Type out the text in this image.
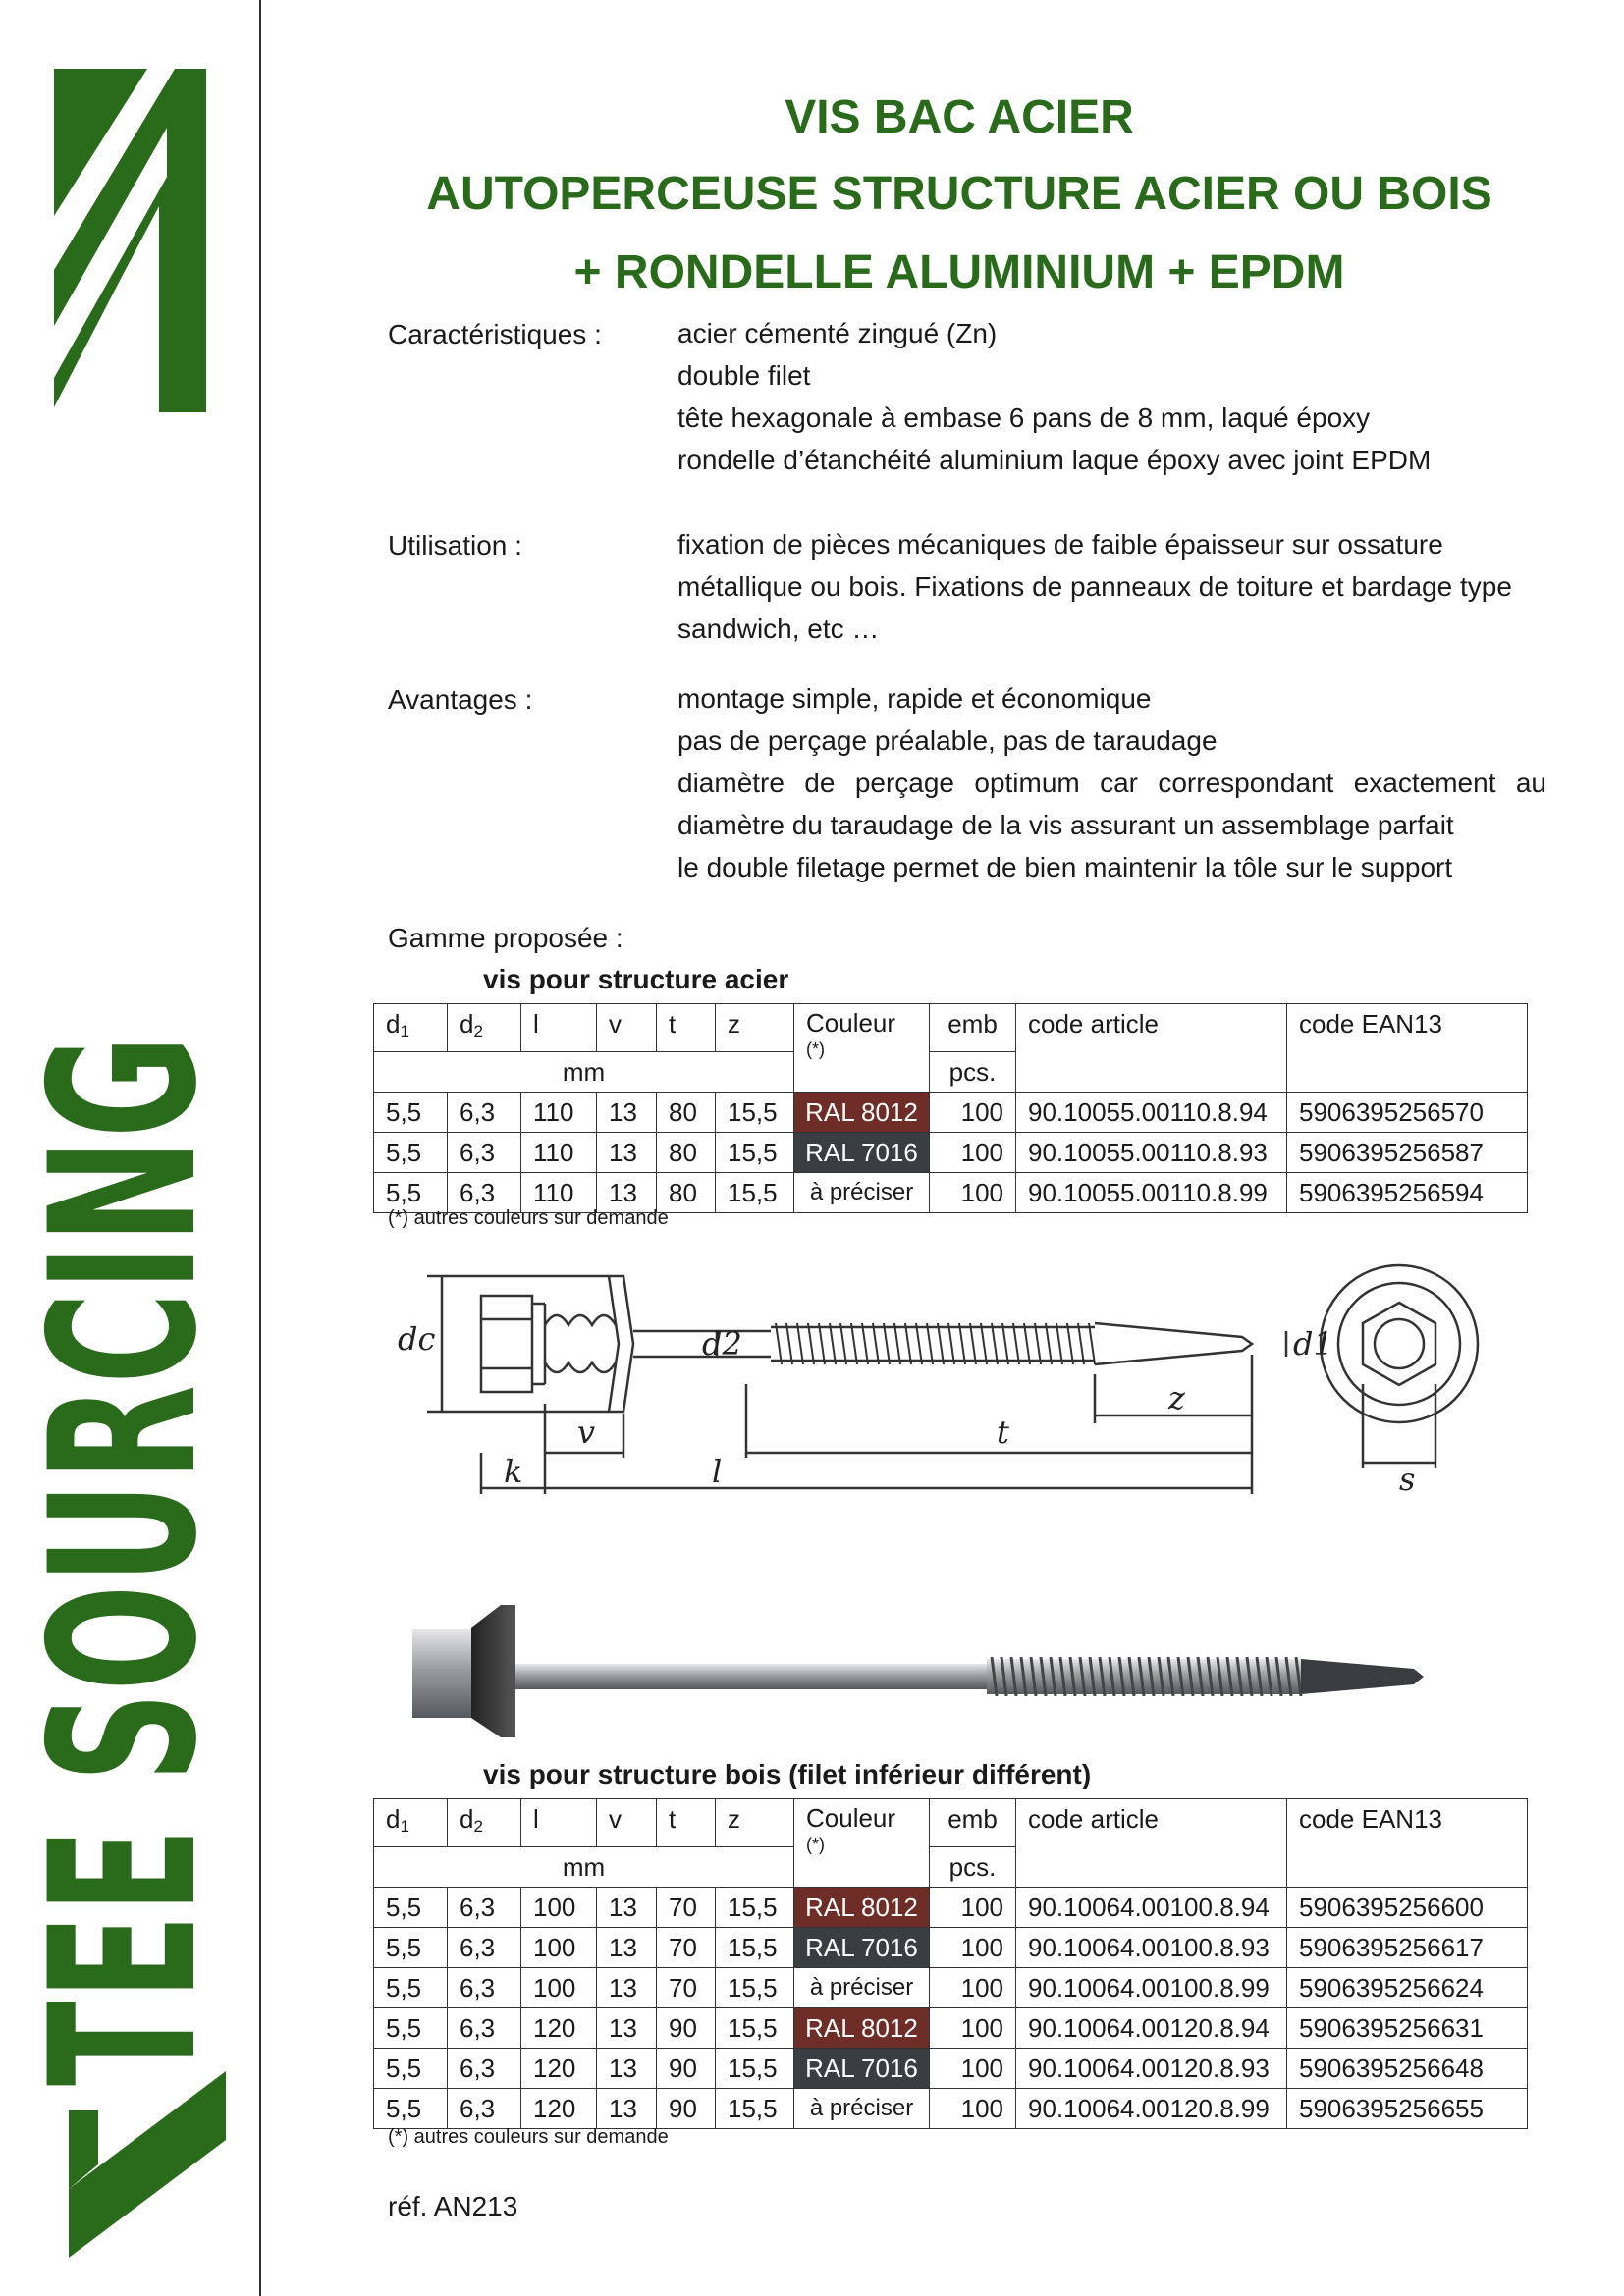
TEE SOURCING
VIS BAC ACIER
AUTOPERCEUSE STRUCTURE ACIER OU BOIS
+ RONDELLE ALUMINIUM + EPDM
Caractéristiques :	acier cémenté zingué (Zn)
double filet
tête hexagonale à embase 6 pans de 8 mm, laqué époxy
rondelle d’étanchéité aluminium laque époxy avec joint EPDM
Utilisation :	fixation de pièces mécaniques de faible épaisseur sur ossature
métallique ou bois. Fixations de panneaux de toiture et bardage type
sandwich, etc …
Avantages :	montage simple, rapide et économique
pas de perçage préalable, pas de taraudage
diamètre de perçage optimum car correspondant exactement au
diamètre du taraudage de la vis assurant un assemblage parfait
le double filetage permet de bien maintenir la tôle sur le support
Gamme proposée :
vis pour structure acier
$d_1$	$d_2$	l	v	t	z	Couleur
(*)	emb	code article	code EAN13
mm							pcs.		
5,5	6,3	110	13	80	15,5	RAL 8012	100	90.10055.00110.8.94	5906395256570
5,5	6,3	110	13	80	15,5	RAL 7016	100	90.10055.00110.8.93	5906395256587
5,5	6,3	110	13	80	15,5	à préciser	100	90.10055.00110.8.99	5906395256594
(*) autres couleurs sur demande
dc	d2	d1
k
v
l
t
z
s
vis pour structure bois (filet inférieur différent)
$d_1$	$d_2$	l	v	t	z	Couleur
(*)	emb	code article	code EAN13
mm							pcs.		
5,5	6,3	100	13	70	15,5	RAL 8012	100	90.10064.00100.8.94	5906395256600
5,5	6,3	100	13	70	15,5	RAL 7016	100	90.10064.00100.8.93	5906395256617
5,5	6,3	100	13	70	15,5	à préciser	100	90.10064.00100.8.99	5906395256624
5,5	6,3	120	13	90	15,5	RAL 8012	100	90.10064.00120.8.94	5906395256631
5,5	6,3	120	13	90	15,5	RAL 7016	100	90.10064.00120.8.93	5906395256648
5,5	6,3	120	13	90	15,5	à préciser	100	90.10064.00120.8.99	5906395256655
(*) autres couleurs sur demande
réf. AN213
